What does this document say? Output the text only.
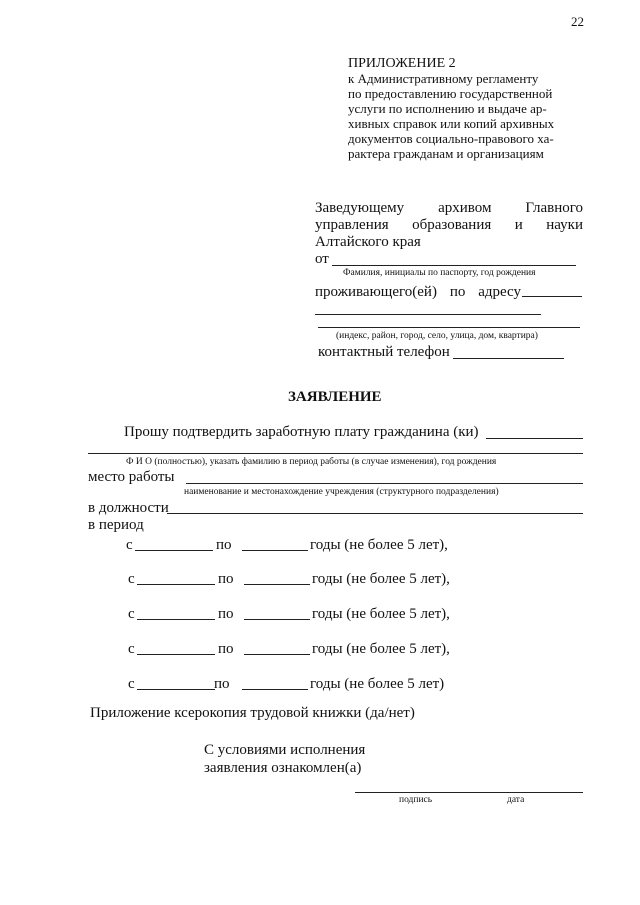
22
ПРИЛОЖЕНИЕ 2
к Административному регламенту
по предоставлению государственной
услуги по исполнению и выдаче ар-
хивных справок или копий архивных
документов социально-правового ха-
рактера гражданам и организациям
Заведующему архивом Главного
управления образования и науки
Алтайского края
от
Фамилия, инициалы по паспорту, год рождения
проживающего(ей) по адресу
(индекс, район, город, село, улица, дом, квартира)
контактный телефон
ЗАЯВЛЕНИЕ
Прошу подтвердить заработную плату гражданина (ки)
Ф И О (полностью), указать фамилию в период работы (в случае изменения), год рождения
место работы
наименование и местонахождение учреждения (структурного подразделения)
в должности
в период
с	по	годы (не более 5 лет),
с	по	годы (не более 5 лет),
с	по	годы (не более 5 лет),
с	по	годы (не более 5 лет),
с	по	годы (не более 5 лет)
Приложение ксерокопия трудовой книжки (да/нет)
С условиями исполнения
заявления ознакомлен(а)
подпись	дата
